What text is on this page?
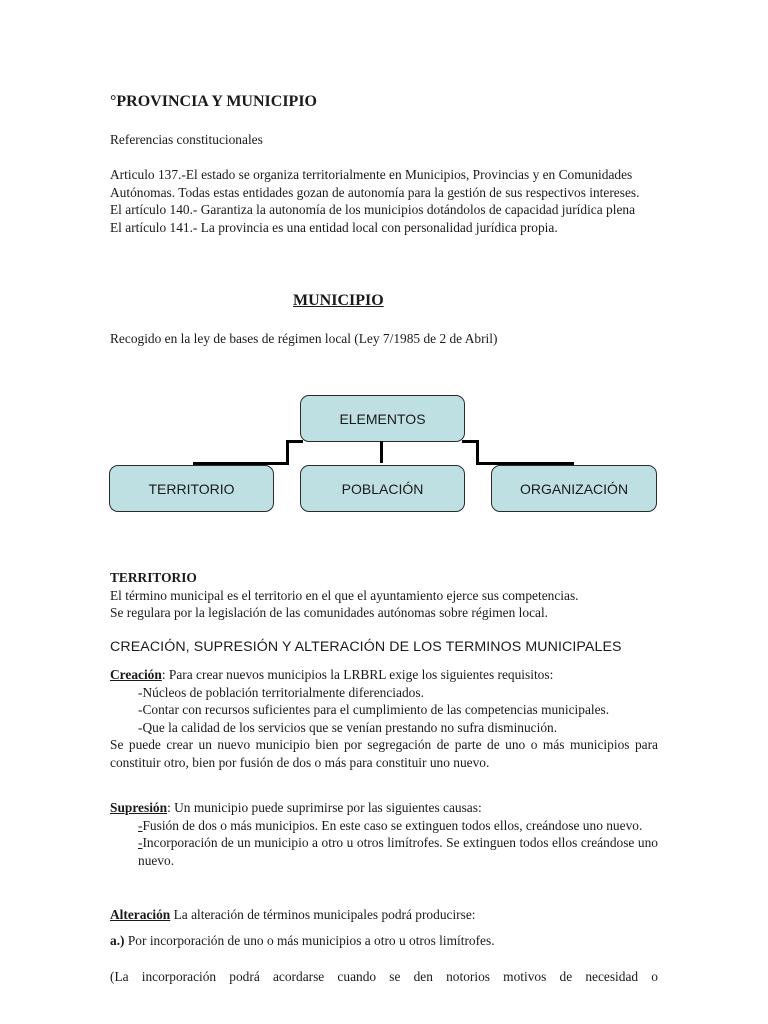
°PROVINCIA Y MUNICIPIO

Referencias constitucionales

Articulo 137.-El estado se organiza territorialmente en Municipios, Provincias y en Comunidades Autónomas. Todas estas entidades gozan de autonomía para la gestión de sus respectivos intereses.

El artículo 140.- Garantiza la autonomía de los municipios dotándolos de capacidad jurídica plena

El artículo 141.- La provincia es una entidad local con personalidad jurídica propia.

MUNICIPIO

Recogido en la ley de bases de régimen local (Ley 7/1985 de 2 de Abril)

ELEMENTOS
TERRITORIO	POBLACIÓN	ORGANIZACIÓN

TERRITORIO

El término municipal es el territorio en el que el ayuntamiento ejerce sus competencias.

Se regulara por la legislación de las comunidades autónomas sobre régimen local.

CREACIÓN, SUPRESIÓN Y ALTERACIÓN DE LOS TERMINOS MUNICIPALES

Creación: Para crear nuevos municipios la LRBRL exige los siguientes requisitos:

-Núcleos de población territorialmente diferenciados.

-Contar con recursos suficientes para el cumplimiento de las competencias municipales.

-Que la calidad de los servicios que se venían prestando no sufra disminución.

Se puede crear un nuevo municipio bien por segregación de parte de uno o más municipios para constituir otro, bien por fusión de dos o más para constituir uno nuevo.

Supresión: Un municipio puede suprimirse por las siguientes causas:

-Fusión de dos o más municipios. En este caso se extinguen todos ellos, creándose uno nuevo.

-Incorporación de un municipio a otro u otros limítrofes. Se extinguen todos ellos creándose uno nuevo.

Alteración La alteración de términos municipales podrá producirse:

a.) Por incorporación de uno o más municipios a otro u otros limítrofes.

(La incorporación podrá acordarse cuando se den notorios motivos de necesidad o
